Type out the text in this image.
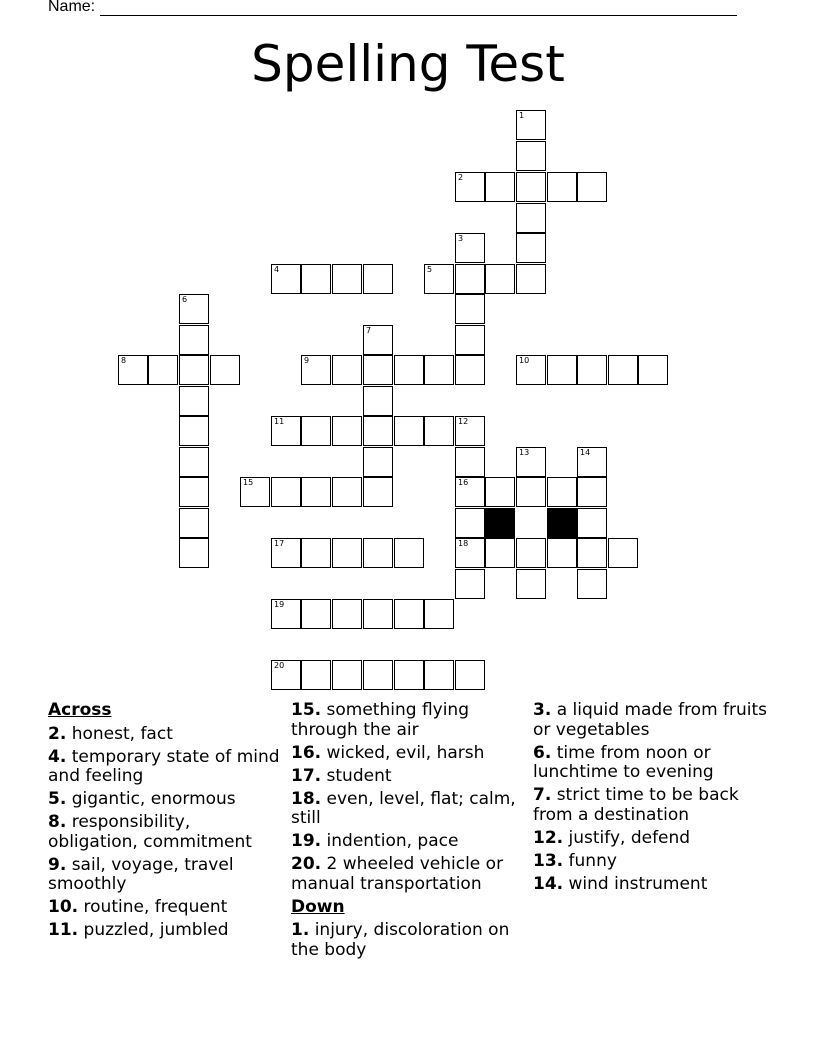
Name:
Spelling Test
1
2
3
4	5
6
7
8	9	10
11	12
16
18
13	14
15
17
19
20
Across
2. honest, fact
4. temporary state of mind and feeling
5. gigantic, enormous
8. responsibility, obligation, commitment
9. sail, voyage, travel smoothly
10. routine, frequent
11. puzzled, jumbled
15. something flying through the air
16. wicked, evil, harsh
17. student
18. even, level, flat; calm, still
19. indention, pace
20. 2 wheeled vehicle or manual transportation
Down
1. injury, discoloration on the body
3. a liquid made from fruits or vegetables
6. time from noon or lunchtime to evening
7. strict time to be back from a destination
12. justify, defend
13. funny
14. wind instrument
